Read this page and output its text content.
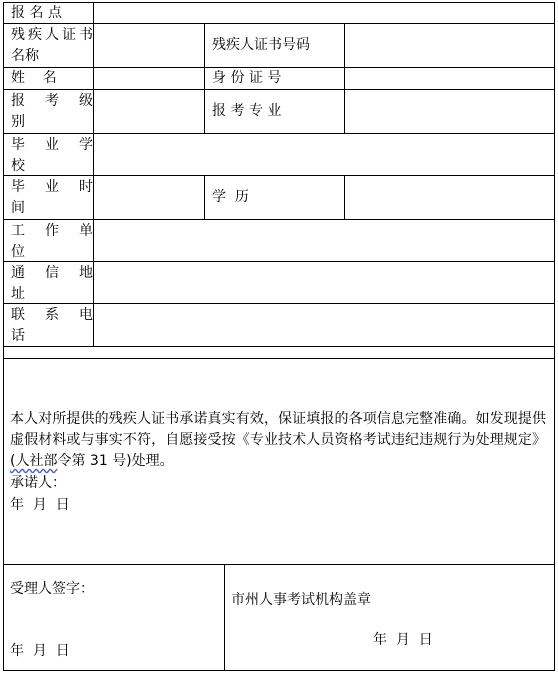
报 名 点
残疾人证书名称
残疾人证书号码
姓    名	身 份 证 号
报 考 级 别
报 考 专 业
毕 业 学 校
毕 业 时 间
学  历
工 作 单 位
通 信 地 址
联 系 电 话
本人对所提供的残疾人证书承诺真实有效，保证填报的各项信息完整准确。如发现提供虚假材料或与事实不符，自愿接受按《专业技术人员资格考试违纪违规行为处理规定》(人社部令第 31 号)处理。
承诺人：
年  月  日
受理人签字：
年  月  日
市州人事考试机构盖章
年  月  日
